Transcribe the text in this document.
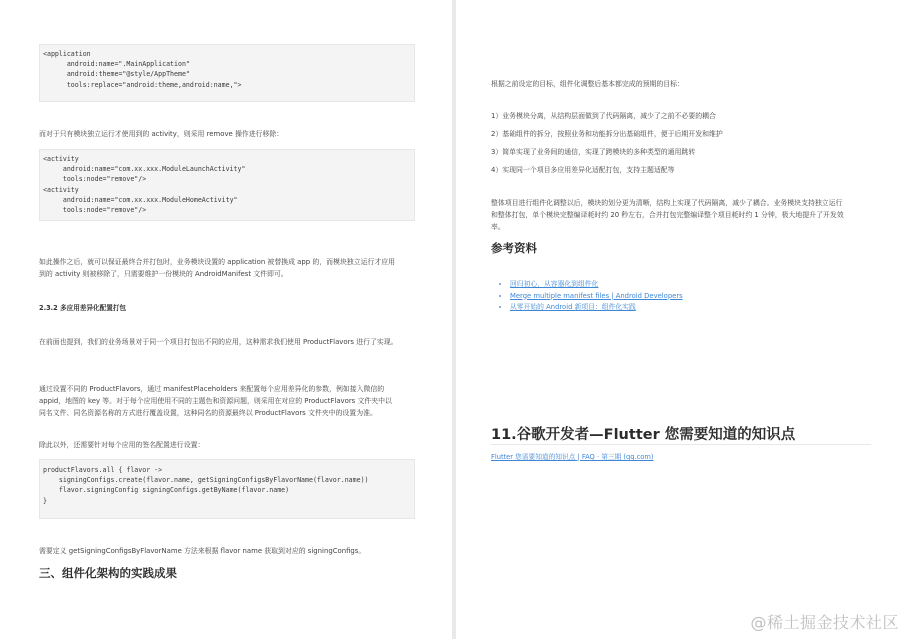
<application
android:name=".MainApplication"
android:theme="@style/AppTheme"
tools:replace="android:theme,android:name,">
而对于只有模块独立运行才使用到的 activity，则采用 remove 操作进行移除：
<activity
android:name="com.xx.xxx.ModuleLaunchActivity"
tools:node="remove"/>
<activity
android:name="com.xx.xxx.ModuleHomeActivity"
tools:node="remove"/>
如此操作之后，就可以保证最终合并打包时，业务模块设置的 application 被替换成 app 的，而模块独立运行才应用
到的 activity 则被移除了，只需要维护一份模块的 AndroidManifest 文件即可。
2.3.2 多应用差异化配置打包
在前面也提到，我们的业务场景对于同一个项目打包出不同的应用，这种需求我们使用 ProductFlavors 进行了实现。
通过设置不同的 ProductFlavors，通过 manifestPlaceholders 来配置每个应用差异化的参数，例如接入微信的
appid，地图的 key 等。对于每个应用使用不同的主题色和资源问题，则采用在对应的 ProductFlavors 文件夹中以
同名文件、同名资源名称的方式进行覆盖设置，这种同名的资源最终以 ProductFlavors 文件夹中的设置为准。
除此以外，还需要针对每个应用的签名配置进行设置：
productFlavors.all { flavor ->
signingConfigs.create(flavor.name, getSigningConfigsByFlavorName(flavor.name))
flavor.signingConfig signingConfigs.getByName(flavor.name)
}
需要定义 getSigningConfigsByFlavorName 方法来根据 flavor name 获取到对应的 signingConfigs。
三、组件化架构的实践成果
根据之前设定的目标，组件化调整后基本都完成的预期的目标：
1）业务模块分离，从结构层面做到了代码隔离，减少了之前不必要的耦合
2）基础组件的拆分，按照业务和功能拆分出基础组件，便于后期开发和维护
3）简单实现了业务间的通信，实现了跨模块的多种类型的通用跳转
4）实现同一个项目多应用差异化适配打包，支持主题适配等
整体项目进行组件化调整以后，模块的划分更为清晰，结构上实现了代码隔离，减少了耦合。业务模块支持独立运行
和整体打包，单个模块完整编译耗时约 20 秒左右，合并打包完整编译整个项目耗时约 1 分钟，极大地提升了开发效
率。
参考资料
• 回归初心，从容器化到组件化
• Merge multiple manifest files | Android Developers
• 从零开始的 Android 新项目：组件化实践
11.谷歌开发者—Flutter 您需要知道的知识点
Flutter 您需要知道的知识点 | FAQ · 第三期 (qq.com)
@稀土掘金技术社区
